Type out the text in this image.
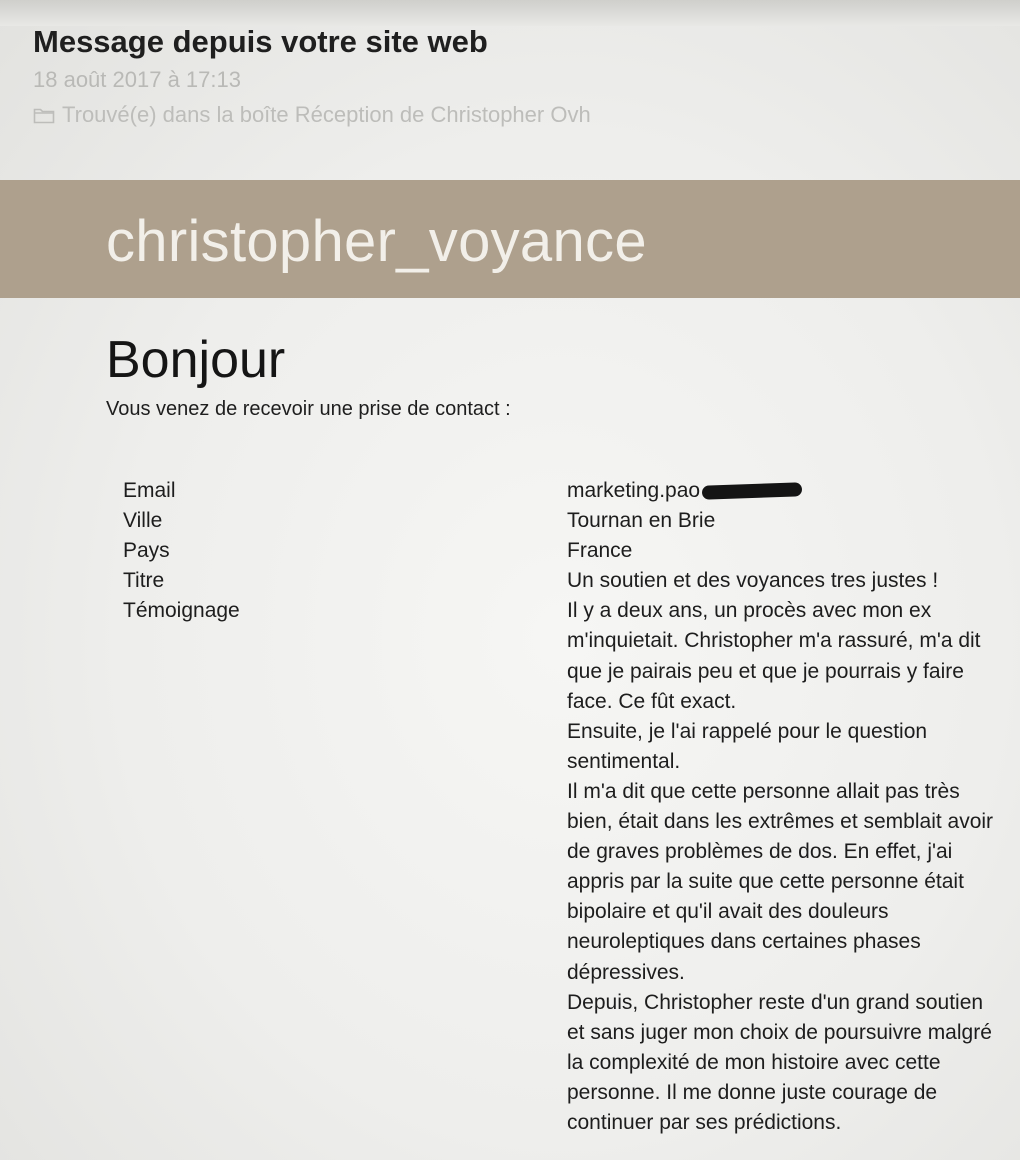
Message depuis votre site web
18 août 2017 à 17:13
Trouvé(e) dans la boîte Réception de Christopher Ovh
christopher_voyance
Bonjour
Vous venez de recevoir une prise de contact :
Email	marketing.pao
Ville	Tournan en Brie
Pays	France
Titre	Un soutien et des voyances tres justes !
Témoignage	Il y a deux ans, un procès avec mon ex m'inquietait. Christopher m'a rassuré, m'a dit que je pairais peu et que je pourrais y faire face. Ce fût exact.

Ensuite, je l'ai rappelé pour le question sentimental.

Il m'a dit que cette personne allait pas très bien, était dans les extrêmes et semblait avoir de graves problèmes de dos. En effet, j'ai appris par la suite que cette personne était bipolaire et qu'il avait des douleurs neuroleptiques dans certaines phases dépressives.

Depuis, Christopher reste d'un grand soutien et sans juger mon choix de poursuivre malgré la complexité de mon histoire avec cette personne. Il me donne juste courage de continuer par ses prédictions.
